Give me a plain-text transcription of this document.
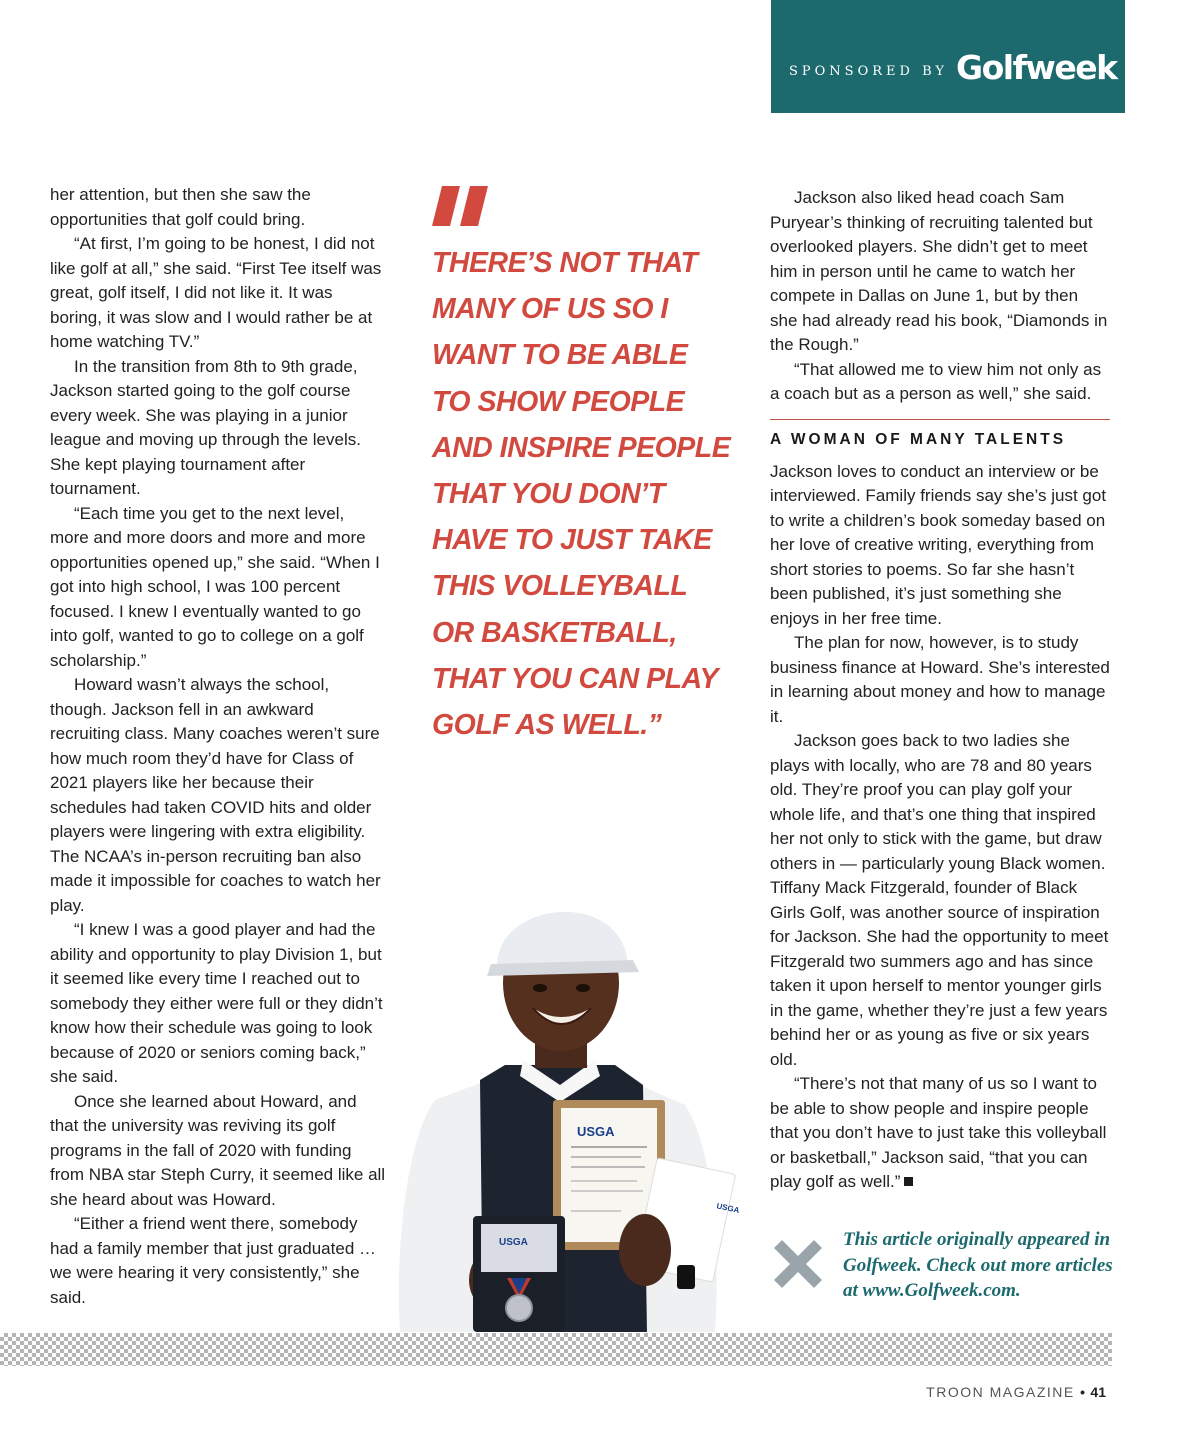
SPONSORED BY Golfweek

her attention, but then she saw the opportunities that golf could bring.

“At first, I’m going to be honest, I did not like golf at all,” she said. “First Tee itself was great, golf itself, I did not like it. It was boring, it was slow and I would rather be at home watching TV.”

In the transition from 8th to 9th grade, Jackson started going to the golf course every week. She was playing in a junior league and moving up through the levels. She kept playing tournament after tournament.

“Each time you get to the next level, more and more doors and more and more opportunities opened up,” she said. “When I got into high school, I was 100 percent focused. I knew I eventually wanted to go into golf, wanted to go to college on a golf scholarship.”

Howard wasn’t always the school, though. Jackson fell in an awkward recruiting class. Many coaches weren’t sure how much room they’d have for Class of 2021 players like her because their schedules had taken COVID hits and older players were lingering with extra eligibility. The NCAA’s in-person recruiting ban also made it impossible for coaches to watch her play.

“I knew I was a good player and had the ability and opportunity to play Division 1, but it seemed like every time I reached out to somebody they either were full or they didn’t know how their schedule was going to look because of 2020 or seniors coming back,” she said.

Once she learned about Howard, and that the university was reviving its golf programs in the fall of 2020 with funding from NBA star Steph Curry, it seemed like all she heard about was Howard.

“Either a friend went there, somebody had a family member that just graduated … we were hearing it very consistently,” she said.

THERE’S NOT THAT MANY OF US SO I WANT TO BE ABLE TO SHOW PEOPLE AND INSPIRE PEOPLE THAT YOU DON’T HAVE TO JUST TAKE THIS VOLLEYBALL OR BASKETBALL, THAT YOU CAN PLAY GOLF AS WELL.”

Jackson also liked head coach Sam Puryear’s thinking of recruiting talented but overlooked players. She didn’t get to meet him in person until he came to watch her compete in Dallas on June 1, but by then she had already read his book, “Diamonds in the Rough.”

“That allowed me to view him not only as a coach but as a person as well,” she said.

A WOMAN OF MANY TALENTS

Jackson loves to conduct an interview or be interviewed. Family friends say she’s just got to write a children’s book someday based on her love of creative writing, everything from short stories to poems. So far she hasn’t been published, it’s just something she enjoys in her free time.

The plan for now, however, is to study business finance at Howard. She’s interested in learning about money and how to manage it.

Jackson goes back to two ladies she plays with locally, who are 78 and 80 years old. They’re proof you can play golf your whole life, and that’s one thing that inspired her not only to stick with the game, but draw others in — particularly young Black women. Tiffany Mack Fitzgerald, founder of Black Girls Golf, was another source of inspiration for Jackson. She had the opportunity to meet Fitzgerald two summers ago and has since taken it upon herself to mentor younger girls in the game, whether they’re just a few years behind her or as young as five or six years old.

“There’s not that many of us so I want to be able to show people and inspire people that you don’t have to just take this volleyball or basketball,” Jackson said, “that you can play golf as well.”

USGA
USGA
USGA	This article originally appeared in Golfweek. Check out more articles at www.Golfweek.com.
TROON MAGAZINE • 41
